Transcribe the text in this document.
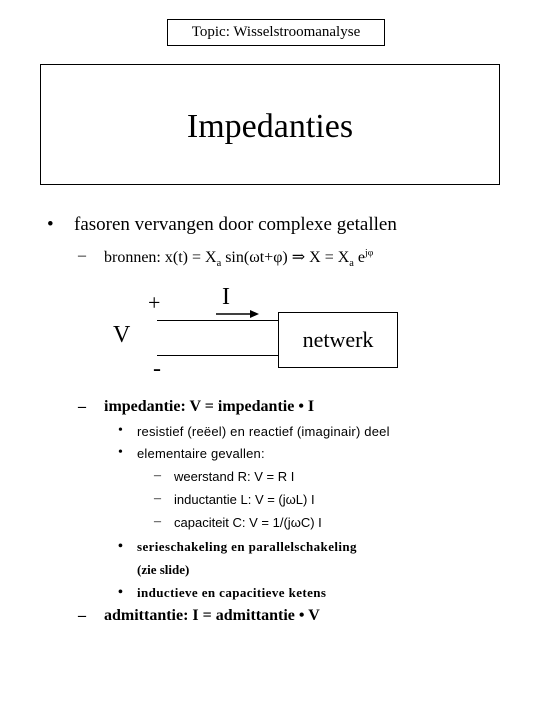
Topic: Wisselstroomanalyse
Impedanties
• fasoren vervangen door complexe getallen
– bronnen: $x(t) = X_a$ sin(ωt+φ) ⇒ $X = X_a$ $e^{j\varphi}$
+	I
V
-
netwerk
– impedantie: V = impedantie • I
• resistief (reëel) en reactief (imaginair) deel
• elementaire gevallen:
– weerstand R: V = R I
– inductantie L: V = (jωL) I
– capaciteit C: V = 1/(jωC) I
• serieschakeling en parallelschakeling
(zie slide)
• inductieve en capacitieve ketens
– admittantie: I = admittantie • V
